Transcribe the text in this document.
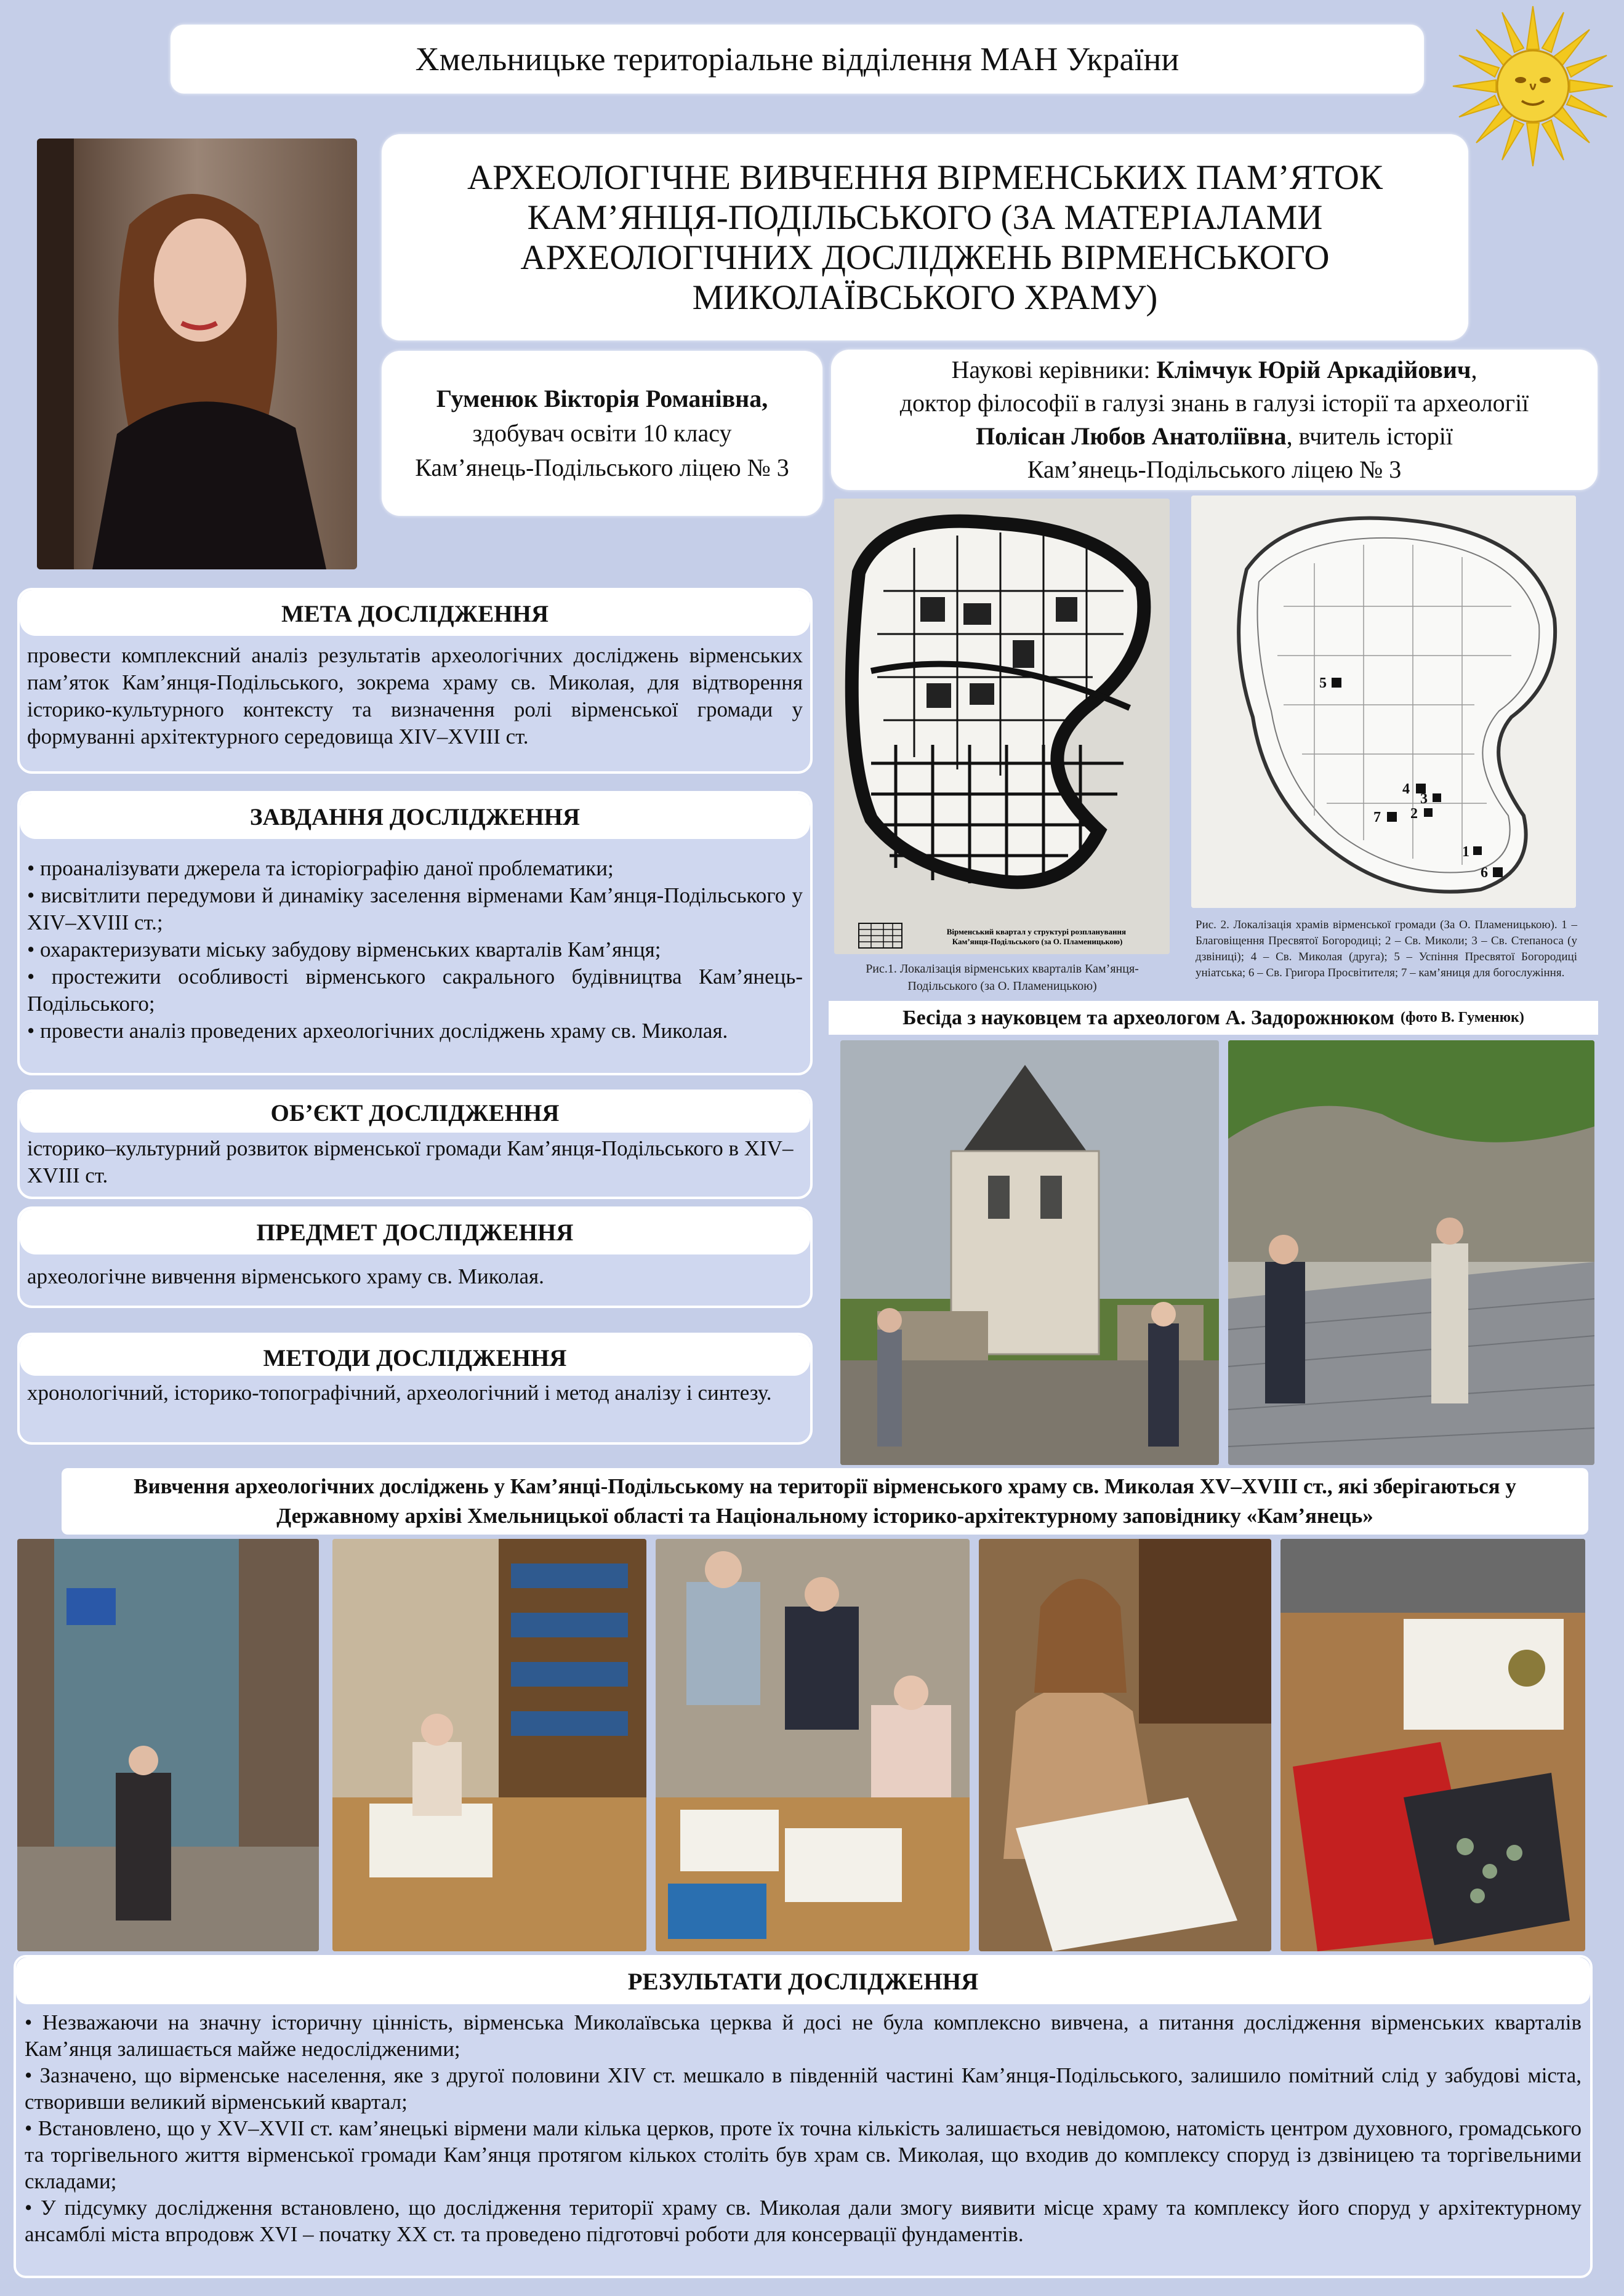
Хмельницьке територіальне відділення МАН України
АРХЕОЛОГІЧНЕ ВИВЧЕННЯ ВІРМЕНСЬКИХ ПАМ’ЯТОК
КАМ’ЯНЦЯ-ПОДІЛЬСЬКОГО (ЗА МАТЕРІАЛАМИ
АРХЕОЛОГІЧНИХ ДОСЛІДЖЕНЬ ВІРМЕНСЬКОГО
МИКОЛАЇВСЬКОГО ХРАМУ)
Гуменюк Вікторія Романівна,
здобувач освіти 10 класу
Кам’янець-Подільського ліцею № 3
Наукові керівники: Клімчук Юрій Аркадійович,
доктор філософії в галузі знань в галузі історії та археології
Полісан Любов Анатоліївна, вчитель історії
Кам’янець-Подільського ліцею № 3
МЕТА ДОСЛІДЖЕННЯ

провести комплексний аналіз результатів археологічних досліджень вірменських пам’яток Кам’янця-Подільського, зокрема храму св. Миколая, для відтворення історико-культурного контексту та визначення ролі вірменської громади у формуванні архітектурного середовища XIV–XVIII ст.

ЗАВДАННЯ ДОСЛІДЖЕННЯ
• проаналізувати джерела та історіографію даної проблематики;
• висвітлити передумови й динаміку заселення вірменами Кам’янця-Подільського у XIV–XVIII ст.;
• охарактеризувати міську забудову вірменських кварталів Кам’янця;
• простежити особливості вірменського сакрального будівництва Кам’янець-Подільського;
• провести аналіз проведених археологічних досліджень храму св. Миколая.
ОБ’ЄКТ ДОСЛІДЖЕННЯ

історико–культурний розвиток вірменської громади Кам’янця-Подільського в XIV–XVIII ст.

ПРЕДМЕТ ДОСЛІДЖЕННЯ

археологічне вивчення вірменського храму св. Миколая.

МЕТОДИ ДОСЛІДЖЕННЯ

хронологічний, історико-топографічний, археологічний і метод аналізу і синтезу.

Вірменський квартал у структурі розпланування Кам’янця-Подільського (за О. Пламеницькою)
Рис.1. Локалізація вірменських кварталів Кам’янця-
Подільського (за О. Пламеницькою)
5
4
3
2
7
1
6
Рис. 2. Локалізація храмів вірменської громади (За О. Пламеницькою). 1 – Благовіщення Пресвятої Богородиці; 2 – Св. Миколи; 3 – Св. Степаноса (у дзвіниці); 4 – Св. Миколая (друга); 5 – Успіння Пресвятої Богородиці уніатська; 6 – Св. Григора Просвітителя; 7 – кам’яниця для богослужіння.
Бесіда з науковцем та археологом А. Задорожнюком (фото В. Гуменюк)
Вивчення археологічних досліджень у Кам’янці-Подільському на території вірменського храму св. Миколая XV–XVIII ст., які зберігаються у
Державному архіві Хмельницької області та Національному історико-архітектурному заповіднику «Кам’янець»
РЕЗУЛЬТАТИ ДОСЛІДЖЕННЯ
• Незважаючи на значну історичну цінність, вірменська Миколаївська церква й досі не була комплексно вивчена, а питання дослідження вірменських кварталів Кам’янця залишається майже недослідженими;
• Зазначено, що вірменське населення, яке з другої половини XIV ст. мешкало в південній частині Кам’янця-Подільського, залишило помітний слід у забудові міста, створивши великий вірменський квартал;
• Встановлено, що у XV–XVII ст. кам’янецькі вірмени мали кілька церков, проте їх точна кількість залишається невідомою, натомість центром духовного, громадського та торгівельного життя вірменської громади Кам’янця протягом кількох століть був храм св. Миколая, що входив до комплексу споруд із дзвіницею та торгівельними складами;
• У підсумку дослідження встановлено, що дослідження території храму св. Миколая дали змогу виявити місце храму та комплексу його споруд у архітектурному ансамблі міста впродовж XVI – початку XX ст. та проведено підготовчі роботи для консервації фундаментів.
